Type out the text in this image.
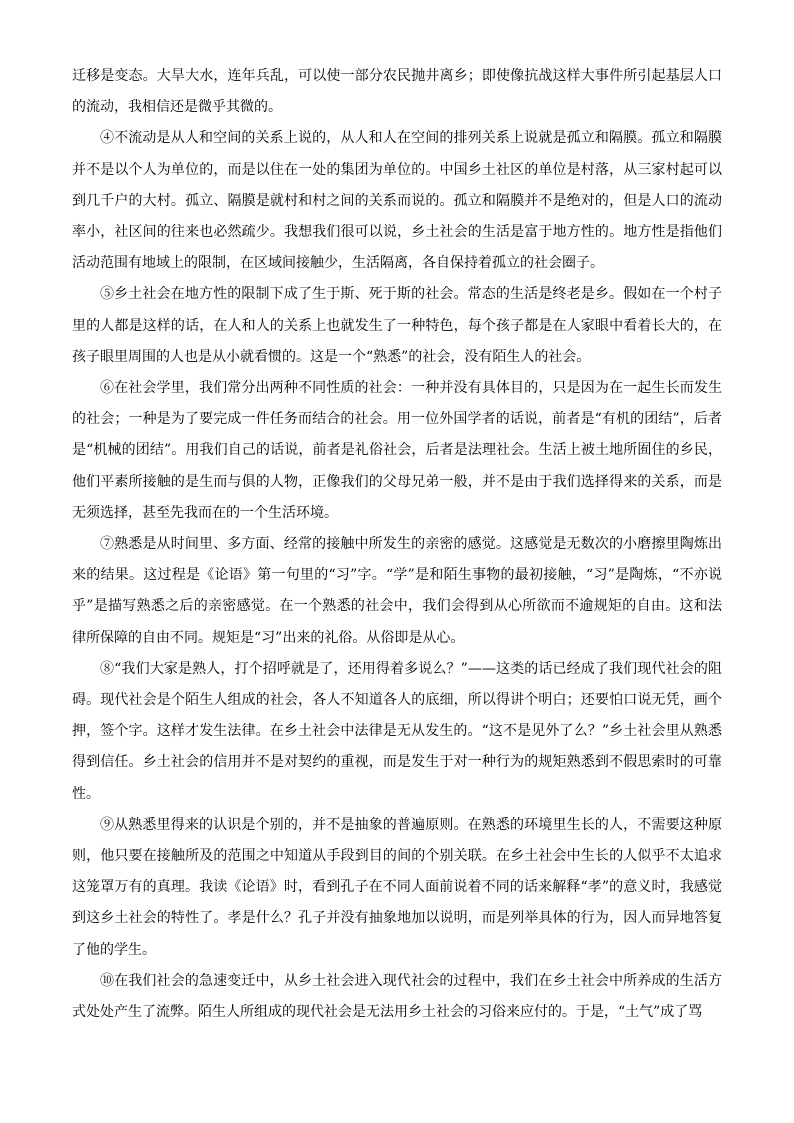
迁移是变态。大旱大水，连年兵乱，可以使一部分农民抛井离乡；即使像抗战这样大事件所引起基层人口的流动，我相信还是微乎其微的。

④不流动是从人和空间的关系上说的，从人和人在空间的排列关系上说就是孤立和隔膜。孤立和隔膜并不是以个人为单位的，而是以住在一处的集团为单位的。中国乡土社区的单位是村落，从三家村起可以到几千户的大村。孤立、隔膜是就村和村之间的关系而说的。孤立和隔膜并不是绝对的，但是人口的流动率小，社区间的往来也必然疏少。我想我们很可以说，乡土社会的生活是富于地方性的。地方性是指他们活动范围有地域上的限制，在区域间接触少，生活隔离，各自保持着孤立的社会圈子。

⑤乡土社会在地方性的限制下成了生于斯、死于斯的社会。常态的生活是终老是乡。假如在一个村子里的人都是这样的话，在人和人的关系上也就发生了一种特色，每个孩子都是在人家眼中看着长大的，在孩子眼里周围的人也是从小就看惯的。这是一个“熟悉”的社会，没有陌生人的社会。

⑥在社会学里，我们常分出两种不同性质的社会：一种并没有具体目的，只是因为在一起生长而发生的社会；一种是为了要完成一件任务而结合的社会。用一位外国学者的话说，前者是“有机的团结”，后者是“机械的团结”。用我们自己的话说，前者是礼俗社会，后者是法理社会。生活上被土地所囿住的乡民，他们平素所接触的是生而与俱的人物，正像我们的父母兄弟一般，并不是由于我们选择得来的关系，而是无须选择，甚至先我而在的一个生活环境。

⑦熟悉是从时间里、多方面、经常的接触中所发生的亲密的感觉。这感觉是无数次的小磨擦里陶炼出来的结果。这过程是《论语》第一句里的“习”字。“学”是和陌生事物的最初接触，“习”是陶炼，“不亦说乎”是描写熟悉之后的亲密感觉。在一个熟悉的社会中，我们会得到从心所欲而不逾规矩的自由。这和法律所保障的自由不同。规矩是“习”出来的礼俗。从俗即是从心。

⑧“我们大家是熟人，打个招呼就是了，还用得着多说么？”——这类的话已经成了我们现代社会的阻碍。现代社会是个陌生人组成的社会，各人不知道各人的底细，所以得讲个明白；还要怕口说无凭，画个押，签个字。这样才发生法律。在乡土社会中法律是无从发生的。“这不是见外了么？”乡土社会里从熟悉得到信任。乡土社会的信用并不是对契约的重视，而是发生于对一种行为的规矩熟悉到不假思索时的可靠性。

⑨从熟悉里得来的认识是个别的，并不是抽象的普遍原则。在熟悉的环境里生长的人，不需要这种原则，他只要在接触所及的范围之中知道从手段到目的间的个别关联。在乡土社会中生长的人似乎不太追求这笼罩万有的真理。我读《论语》时，看到孔子在不同人面前说着不同的话来解释“孝”的意义时，我感觉到这乡土社会的特性了。孝是什么？孔子并没有抽象地加以说明，而是列举具体的行为，因人而异地答复了他的学生。

⑩在我们社会的急速变迁中，从乡土社会进入现代社会的过程中，我们在乡土社会中所养成的生活方式处处产生了流弊。陌生人所组成的现代社会是无法用乡土社会的习俗来应付的。于是，“土气”成了骂
